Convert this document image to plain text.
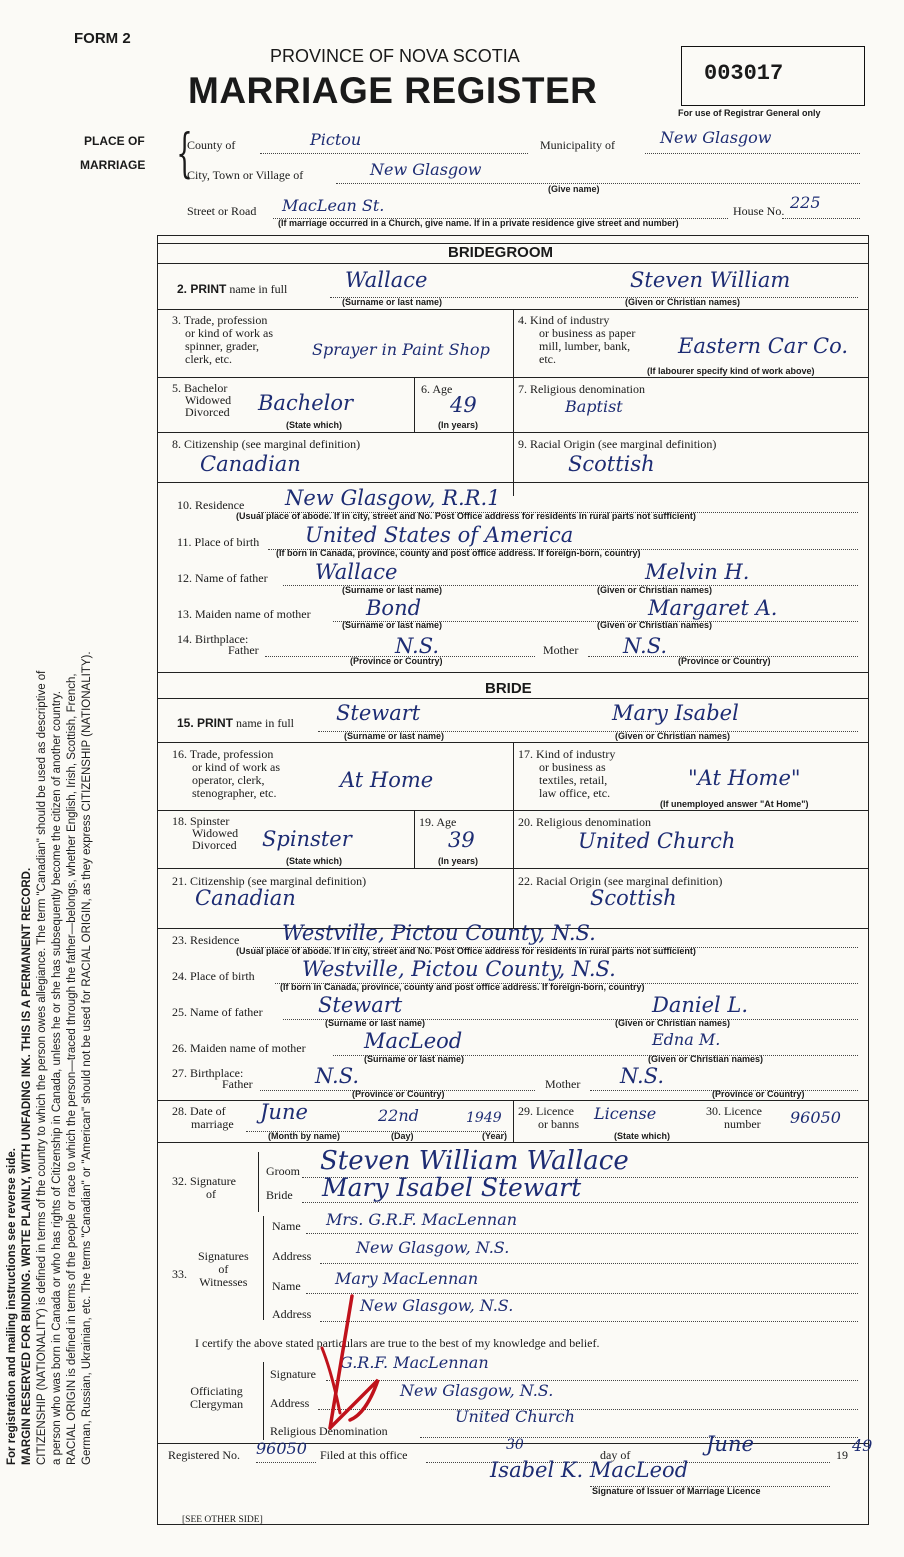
For registration and mailing instructions see reverse side. MARGIN RESERVED FOR BINDING. WRITE PLAINLY, WITH UNFADING INK. THIS IS A PERMANENT RECORD. CITIZENSHIP (NATIONALITY) is defined in terms of the country to which the person owes allegiance. The term "Canadian" should be used as descriptive of a person who was born in Canada or who has rights of Citizenship in Canada, unless he or she has subsequently become the citizen of another country. RACIAL ORIGIN is defined in terms of the people or race to which the person—traced through the father—belongs, whether English, Irish, Scottish, French, German, Russian, Ukrainian, etc. The terms "Canadian" or "American" should not be used for RACIAL ORIGIN, as they express CITIZENSHIP (NATIONALITY).
FORM 2
PROVINCE OF NOVA SCOTIA
MARRIAGE REGISTER	003017
For use of Registrar General only
PLACE OF
MARRIAGE {
County of	Pictou	Municipality of	New Glasgow
City, Town or Village of	New Glasgow
(Give name)
Street or Road MacLean St.	House No. 225
(If marriage occurred in a Church, give name. If in a private residence give street and number)
BRIDEGROOM
2. PRINT name in full	Wallace	Steven William
(Surname or last name)	(Given or Christian names)
3. Trade, profession
or kind of work as
spinner, grader,
clerk, etc.	Sprayer in Paint Shop
4. Kind of industry
or business as paper
mill, lumber, bank,
etc.
Eastern Car Co.
(If labourer specify kind of work above)
5. Bachelor
Widowed
Divorced Bachelor
(State which)
6. Age
49
(In years)
7. Religious denomination
Baptist
8. Citizenship (see marginal definition)
Canadian
9. Racial Origin (see marginal definition)
Scottish
10. Residence New Glasgow, R.R.1
(Usual place of abode. If in city, street and No. Post Office address for residents in rural parts not sufficient)
11. Place of birth United States of America
(If born in Canada, province, county and post office address. If foreign-born, country)
12. Name of father Wallace	Melvin H.
(Surname or last name)	(Given or Christian names)
13. Maiden name of mother	Bond	Margaret A.
(Surname or last name)	(Given or Christian names)
14. Birthplace:
Father	N.S.	Mother N.S.
(Province or Country)	(Province or Country)
BRIDE
15. PRINT name in full Stewart	Mary Isabel
(Surname or last name)	(Given or Christian names)
16. Trade, profession
or kind of work as
operator, clerk,
stenographer, etc.
At Home
17. Kind of industry
or business as
textiles, retail,
law office, etc.
"At Home"
(If unemployed answer "At Home")
18. Spinster
Widowed
Divorced Spinster
(State which)
19. Age
39
(In years)
20. Religious denomination
United Church
21. Citizenship (see marginal definition)
Canadian
22. Racial Origin (see marginal definition)
Scottish
23. Residence Westville, Pictou County, N.S.
(Usual place of abode. If in city, street and No. Post Office address for residents in rural parts not sufficient)
24. Place of birth Westville, Pictou County, N.S.
(If born in Canada, province, county and post office address. If foreign-born, country)
25. Name of father	Stewart	Daniel L.
(Surname or last name)	(Given or Christian names)
26. Maiden name of mother	MacLeod	Edna M.
(Surname or last name)	(Given or Christian names)
27. Birthplace:
Father	N.S.	Mother N.S.
(Province or Country)	(Province or Country)
28. Date of
marriage June	22nd	1949
(Month by name)	(Day)	(Year)
29. Licence
or banns
License
(State which)
30. Licence
number 96050
32. Signature
of
Groom Steven William Wallace
Bride Mary Isabel Stewart
Signatures
of
Witnesses
33.
Name Mrs. G.R.F. MacLennan
Address	New Glasgow, N.S.
Name Mary MacLennan
Address	New Glasgow, N.S.
I certify the above stated particulars are true to the best of my knowledge and belief.
Officiating
Clergyman
Signature
G.R.F. MacLennan
Address
New Glasgow, N.S.
Religious Denomination
United Church
Registered No. 96050 Filed at this office
30
day of	June	19 49
Isabel K. MacLeod
Signature of Issuer of Marriage Licence
[SEE OTHER SIDE]
